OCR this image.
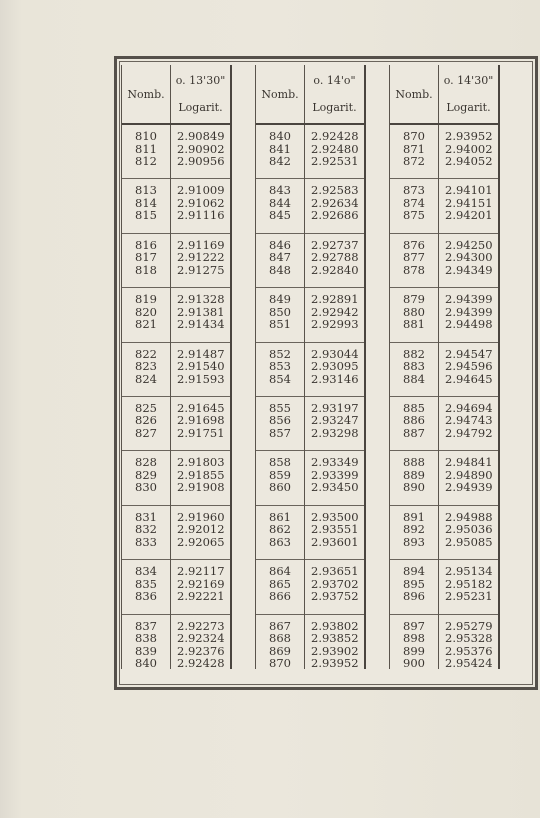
Nomb.
o. 13'30"
Logarit.
810
811
812
813
814
815
816
817
818
819
820
821
822
823
824
825
826
827
828
829
830
831
832
833
834
835
836
837
838
839
840
2.90849
2.90902
2.90956
2.91009
2.91062
2.91116
2.91169
2.91222
2.91275
2.91328
2.91381
2.91434
2.91487
2.91540
2.91593
2.91645
2.91698
2.91751
2.91803
2.91855
2.91908
2.91960
2.92012
2.92065
2.92117
2.92169
2.92221
2.92273
2.92324
2.92376
2.92428
Nomb.
o. 14'o"
Logarit.
840
841
842
843
844
845
846
847
848
849
850
851
852
853
854
855
856
857
858
859
860
861
862
863
864
865
866
867
868
869
870
2.92428
2.92480
2.92531
2.92583
2.92634
2.92686
2.92737
2.92788
2.92840
2.92891
2.92942
2.92993
2.93044
2.93095
2.93146
2.93197
2.93247
2.93298
2.93349
2.93399
2.93450
2.93500
2.93551
2.93601
2.93651
2.93702
2.93752
2.93802
2.93852
2.93902
2.93952
Nomb.
o. 14'30"
Logarit.
870
871
872
873
874
875
876
877
878
879
880
881
882
883
884
885
886
887
888
889
890
891
892
893
894
895
896
897
898
899
900
2.93952
2.94002
2.94052
2.94101
2.94151
2.94201
2.94250
2.94300
2.94349
2.94399
2.94399
2.94498
2.94547
2.94596
2.94645
2.94694
2.94743
2.94792
2.94841
2.94890
2.94939
2.94988
2.95036
2.95085
2.95134
2.95182
2.95231
2.95279
2.95328
2.95376
2.95424
